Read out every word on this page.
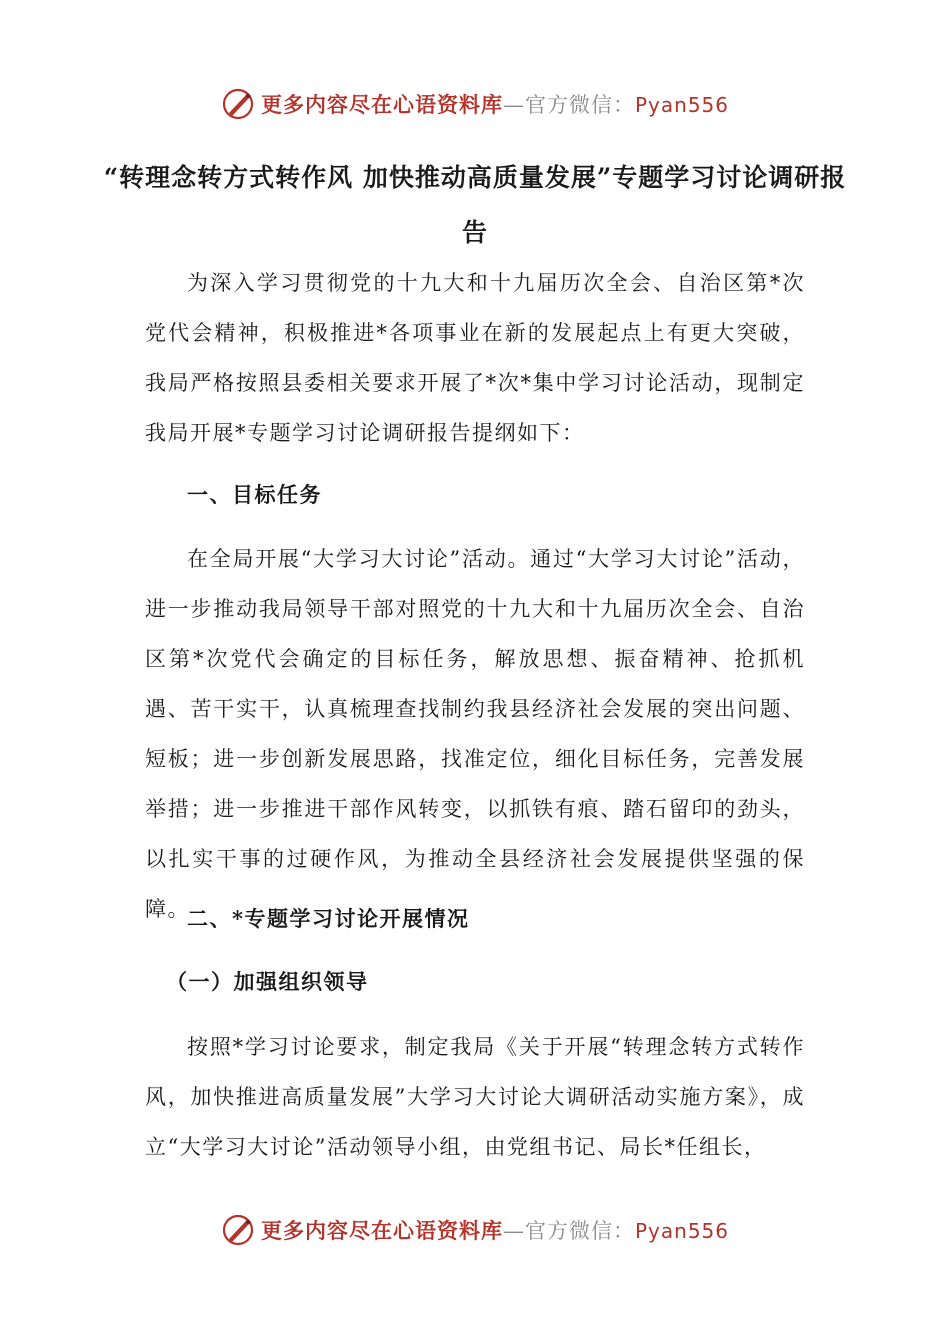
更多内容尽在心语资料库—官方微信：Pyan556
“转理念转方式转作风 加快推动高质量发展”专题学习讨论调研报告

为深入学习贯彻党的十九大和十九届历次全会、自治区第*次党代会精神，积极推进*各项事业在新的发展起点上有更大突破，我局严格按照县委相关要求开展了*次*集中学习讨论活动，现制定我局开展*专题学习讨论调研报告提纲如下：

一、目标任务

在全局开展“大学习大讨论”活动。通过“大学习大讨论”活动，进一步推动我局领导干部对照党的十九大和十九届历次全会、自治区第*次党代会确定的目标任务，解放思想、振奋精神、抢抓机遇、苦干实干，认真梳理查找制约我县经济社会发展的突出问题、短板；进一步创新发展思路，找准定位，细化目标任务，完善发展举措；进一步推进干部作风转变，以抓铁有痕、踏石留印的劲头，以扎实干事的过硬作风，为推动全县经济社会发展提供坚强的保障。

二、*专题学习讨论开展情况
（一）加强组织领导

按照*学习讨论要求，制定我局《关于开展“转理念转方式转作风，加快推进高质量发展”大学习大讨论大调研活动实施方案》，成立“大学习大讨论”活动领导小组，由党组书记、局长*任组长，

更多内容尽在心语资料库—官方微信：Pyan556
